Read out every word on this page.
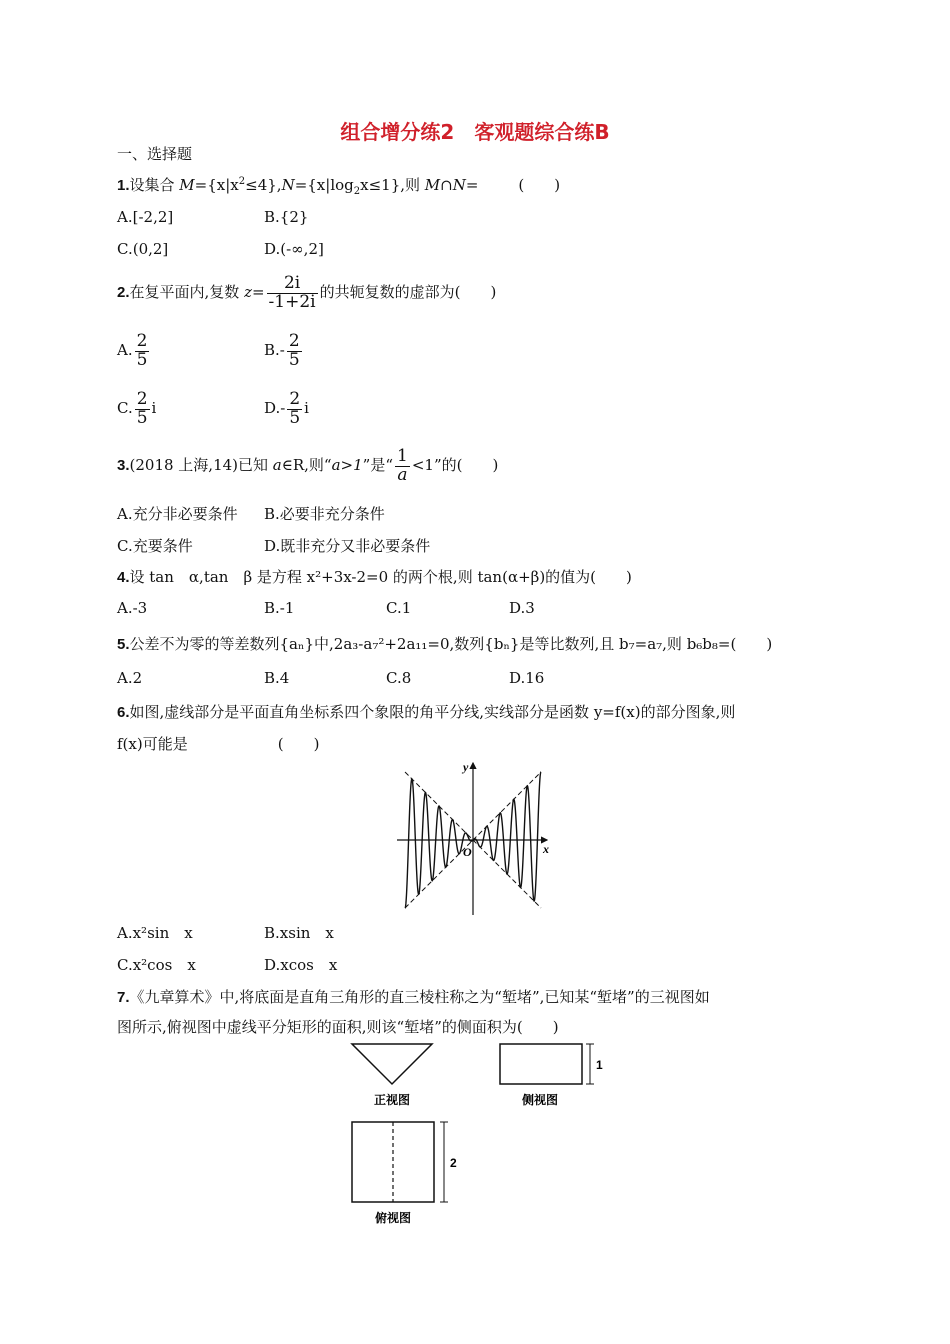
组合增分练2　客观题综合练B
一、选择题
1.设集合 $M=\{x|x^2\le 4\},N=\{x|\log_2x\le 1\}$,则 M∩N=	(　　)
A.[-2,2]	B.{2}
C.(0,2]	D.(-∞,2]
2.在复平面内,复数 $z= \frac{2i}{-1+2i}$ 的共轭复数的虚部为(　　)
A. $\frac{2}{5}$	$B.- \frac{2}{5}$
C. $\frac{2}{5}$ i	$D.- \frac{2}{5}$ i
3.(2018 上海,14)已知 a∈R,则“a>1”是“ $\frac{1}{a} <1$”的(　　)
A.充分非必要条件 B.必要非充分条件
C.充要条件	D.既非充分又非必要条件
4.设 tan　α,tan　β 是方程 x²+3x-2=0 的两个根,则 tan(α+β)的值为(　　)
A.-3	B.-1	C.1	D.3
5.公差不为零的等差数列{aₙ}中,2a₃-a₇²+2a₁₁=0,数列{bₙ}是等比数列,且 b₇=a₇,则 b₆b₈=(　　)
A.2	B.4	C.8	D.16
6.如图,虚线部分是平面直角坐标系四个象限的角平分线,实线部分是函数 y=f(x)的部分图象,则
f(x)可能是	(　　)
x
y
O
A.x²sin　x	B.xsin　x
C.x²cos　x	D.xcos　x
7.《九章算术》中,将底面是直角三角形的直三棱柱称之为“堑堵”,已知某“堑堵”的三视图如
图所示,俯视图中虚线平分矩形的面积,则该“堑堵”的侧面积为(　　)
正视图
1
侧视图
2
俯视图
